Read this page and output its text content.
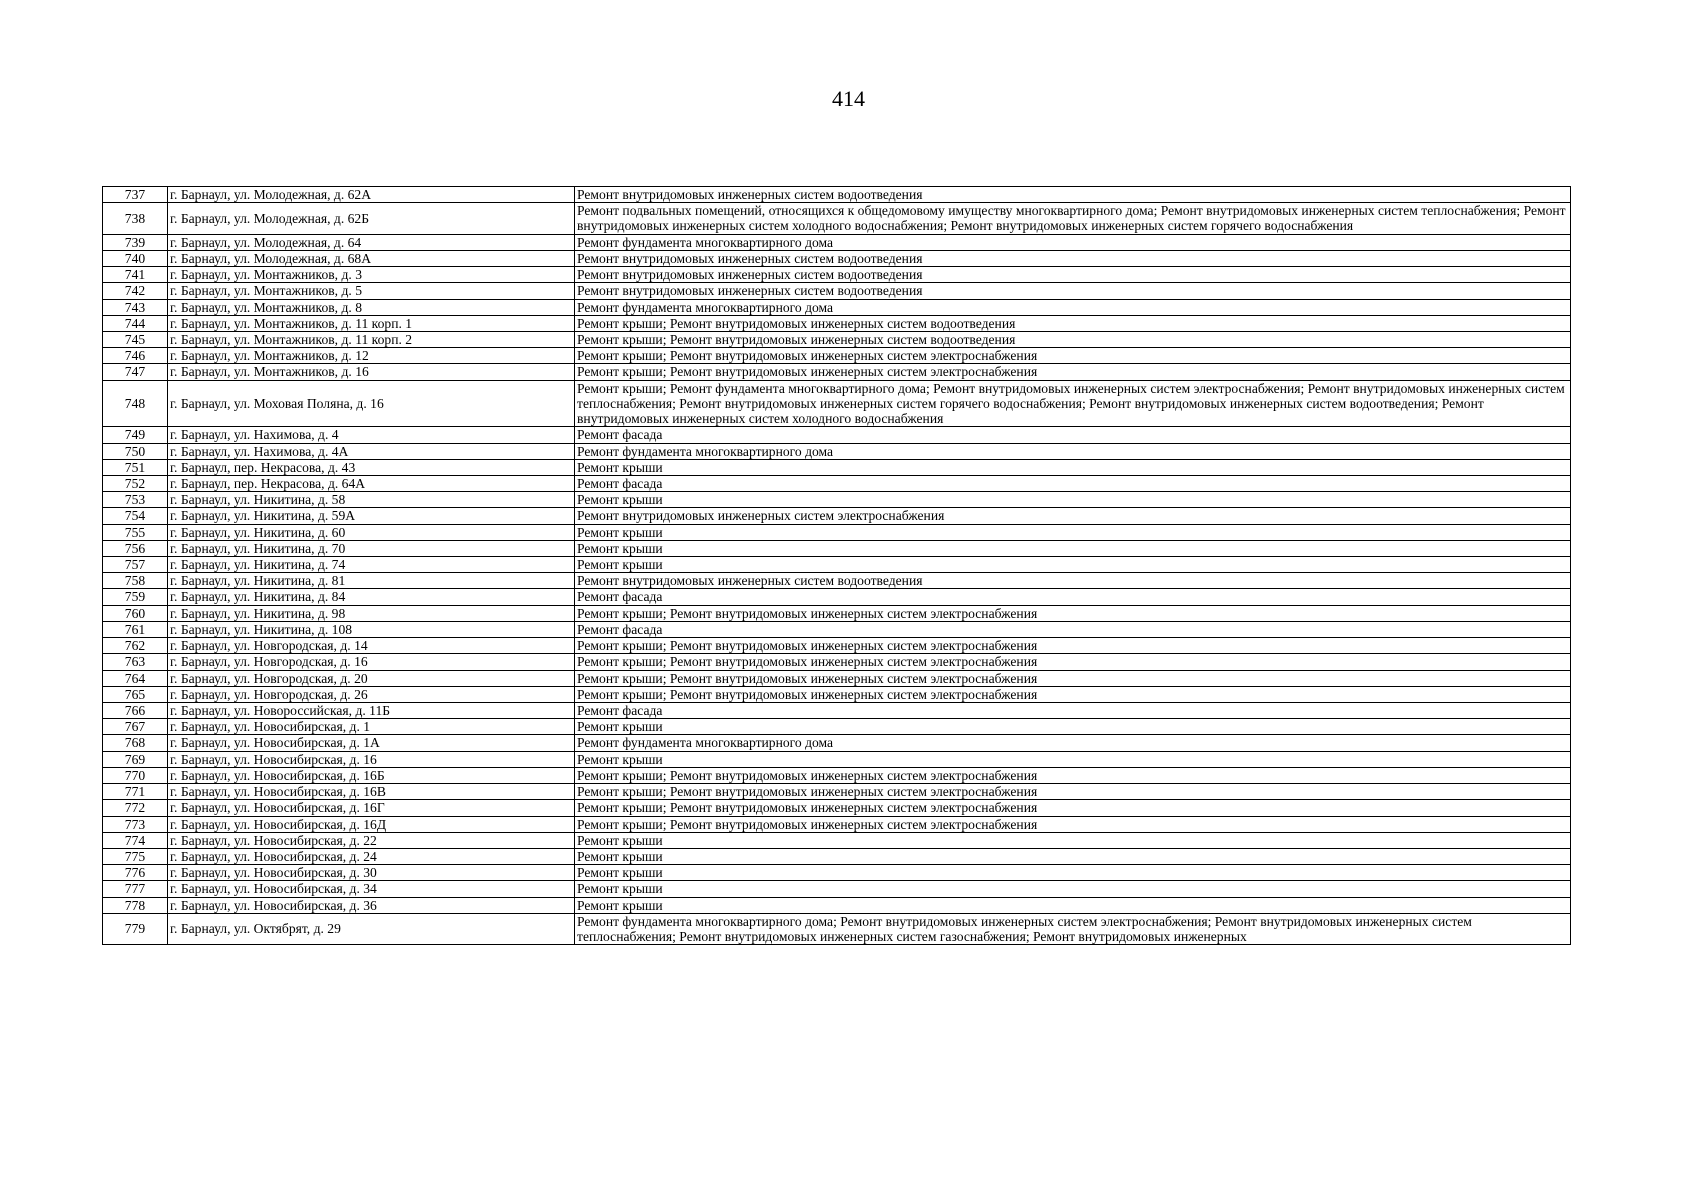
414
737	г. Барнаул, ул. Молодежная, д. 62А	Ремонт внутридомовых инженерных систем водоотведения
738	г. Барнаул, ул. Молодежная, д. 62Б	Ремонт подвальных помещений, относящихся к общедомовому имуществу многоквартирного дома; Ремонт внутридомовых инженерных систем теплоснабжения; Ремонт внутридомовых инженерных систем холодного водоснабжения; Ремонт внутридомовых инженерных систем горячего водоснабжения
739	г. Барнаул, ул. Молодежная, д. 64	Ремонт фундамента многоквартирного дома
740	г. Барнаул, ул. Молодежная, д. 68А	Ремонт внутридомовых инженерных систем водоотведения
741	г. Барнаул, ул. Монтажников, д. 3	Ремонт внутридомовых инженерных систем водоотведения
742	г. Барнаул, ул. Монтажников, д. 5	Ремонт внутридомовых инженерных систем водоотведения
743	г. Барнаул, ул. Монтажников, д. 8	Ремонт фундамента многоквартирного дома
744	г. Барнаул, ул. Монтажников, д. 11 корп. 1	Ремонт крыши; Ремонт внутридомовых инженерных систем водоотведения
745	г. Барнаул, ул. Монтажников, д. 11 корп. 2	Ремонт крыши; Ремонт внутридомовых инженерных систем водоотведения
746	г. Барнаул, ул. Монтажников, д. 12	Ремонт крыши; Ремонт внутридомовых инженерных систем электроснабжения
747	г. Барнаул, ул. Монтажников, д. 16	Ремонт крыши; Ремонт внутридомовых инженерных систем электроснабжения
748	г. Барнаул, ул. Моховая Поляна, д. 16	Ремонт крыши; Ремонт фундамента многоквартирного дома; Ремонт внутридомовых инженерных систем электроснабжения; Ремонт внутридомовых инженерных систем теплоснабжения; Ремонт внутридомовых инженерных систем горячего водоснабжения; Ремонт внутридомовых инженерных систем водоотведения; Ремонт внутридомовых инженерных систем холодного водоснабжения
749	г. Барнаул, ул. Нахимова, д. 4	Ремонт фасада
750	г. Барнаул, ул. Нахимова, д. 4А	Ремонт фундамента многоквартирного дома
751	г. Барнаул, пер. Некрасова, д. 43	Ремонт крыши
752	г. Барнаул, пер. Некрасова, д. 64А	Ремонт фасада
753	г. Барнаул, ул. Никитина, д. 58	Ремонт крыши
754	г. Барнаул, ул. Никитина, д. 59А	Ремонт внутридомовых инженерных систем электроснабжения
755	г. Барнаул, ул. Никитина, д. 60	Ремонт крыши
756	г. Барнаул, ул. Никитина, д. 70	Ремонт крыши
757	г. Барнаул, ул. Никитина, д. 74	Ремонт крыши
758	г. Барнаул, ул. Никитина, д. 81	Ремонт внутридомовых инженерных систем водоотведения
759	г. Барнаул, ул. Никитина, д. 84	Ремонт фасада
760	г. Барнаул, ул. Никитина, д. 98	Ремонт крыши; Ремонт внутридомовых инженерных систем электроснабжения
761	г. Барнаул, ул. Никитина, д. 108	Ремонт фасада
762	г. Барнаул, ул. Новгородская, д. 14	Ремонт крыши; Ремонт внутридомовых инженерных систем электроснабжения
763	г. Барнаул, ул. Новгородская, д. 16	Ремонт крыши; Ремонт внутридомовых инженерных систем электроснабжения
764	г. Барнаул, ул. Новгородская, д. 20	Ремонт крыши; Ремонт внутридомовых инженерных систем электроснабжения
765	г. Барнаул, ул. Новгородская, д. 26	Ремонт крыши; Ремонт внутридомовых инженерных систем электроснабжения
766	г. Барнаул, ул. Новороссийская, д. 11Б	Ремонт фасада
767	г. Барнаул, ул. Новосибирская, д. 1	Ремонт крыши
768	г. Барнаул, ул. Новосибирская, д. 1А	Ремонт фундамента многоквартирного дома
769	г. Барнаул, ул. Новосибирская, д. 16	Ремонт крыши
770	г. Барнаул, ул. Новосибирская, д. 16Б	Ремонт крыши; Ремонт внутридомовых инженерных систем электроснабжения
771	г. Барнаул, ул. Новосибирская, д. 16В	Ремонт крыши; Ремонт внутридомовых инженерных систем электроснабжения
772	г. Барнаул, ул. Новосибирская, д. 16Г	Ремонт крыши; Ремонт внутридомовых инженерных систем электроснабжения
773	г. Барнаул, ул. Новосибирская, д. 16Д	Ремонт крыши; Ремонт внутридомовых инженерных систем электроснабжения
774	г. Барнаул, ул. Новосибирская, д. 22	Ремонт крыши
775	г. Барнаул, ул. Новосибирская, д. 24	Ремонт крыши
776	г. Барнаул, ул. Новосибирская, д. 30	Ремонт крыши
777	г. Барнаул, ул. Новосибирская, д. 34	Ремонт крыши
778	г. Барнаул, ул. Новосибирская, д. 36	Ремонт крыши
779	г. Барнаул, ул. Октябрят, д. 29	Ремонт фундамента многоквартирного дома; Ремонт внутридомовых инженерных систем электроснабжения; Ремонт внутридомовых инженерных систем теплоснабжения; Ремонт внутридомовых инженерных систем газоснабжения; Ремонт внутридомовых инженерных
